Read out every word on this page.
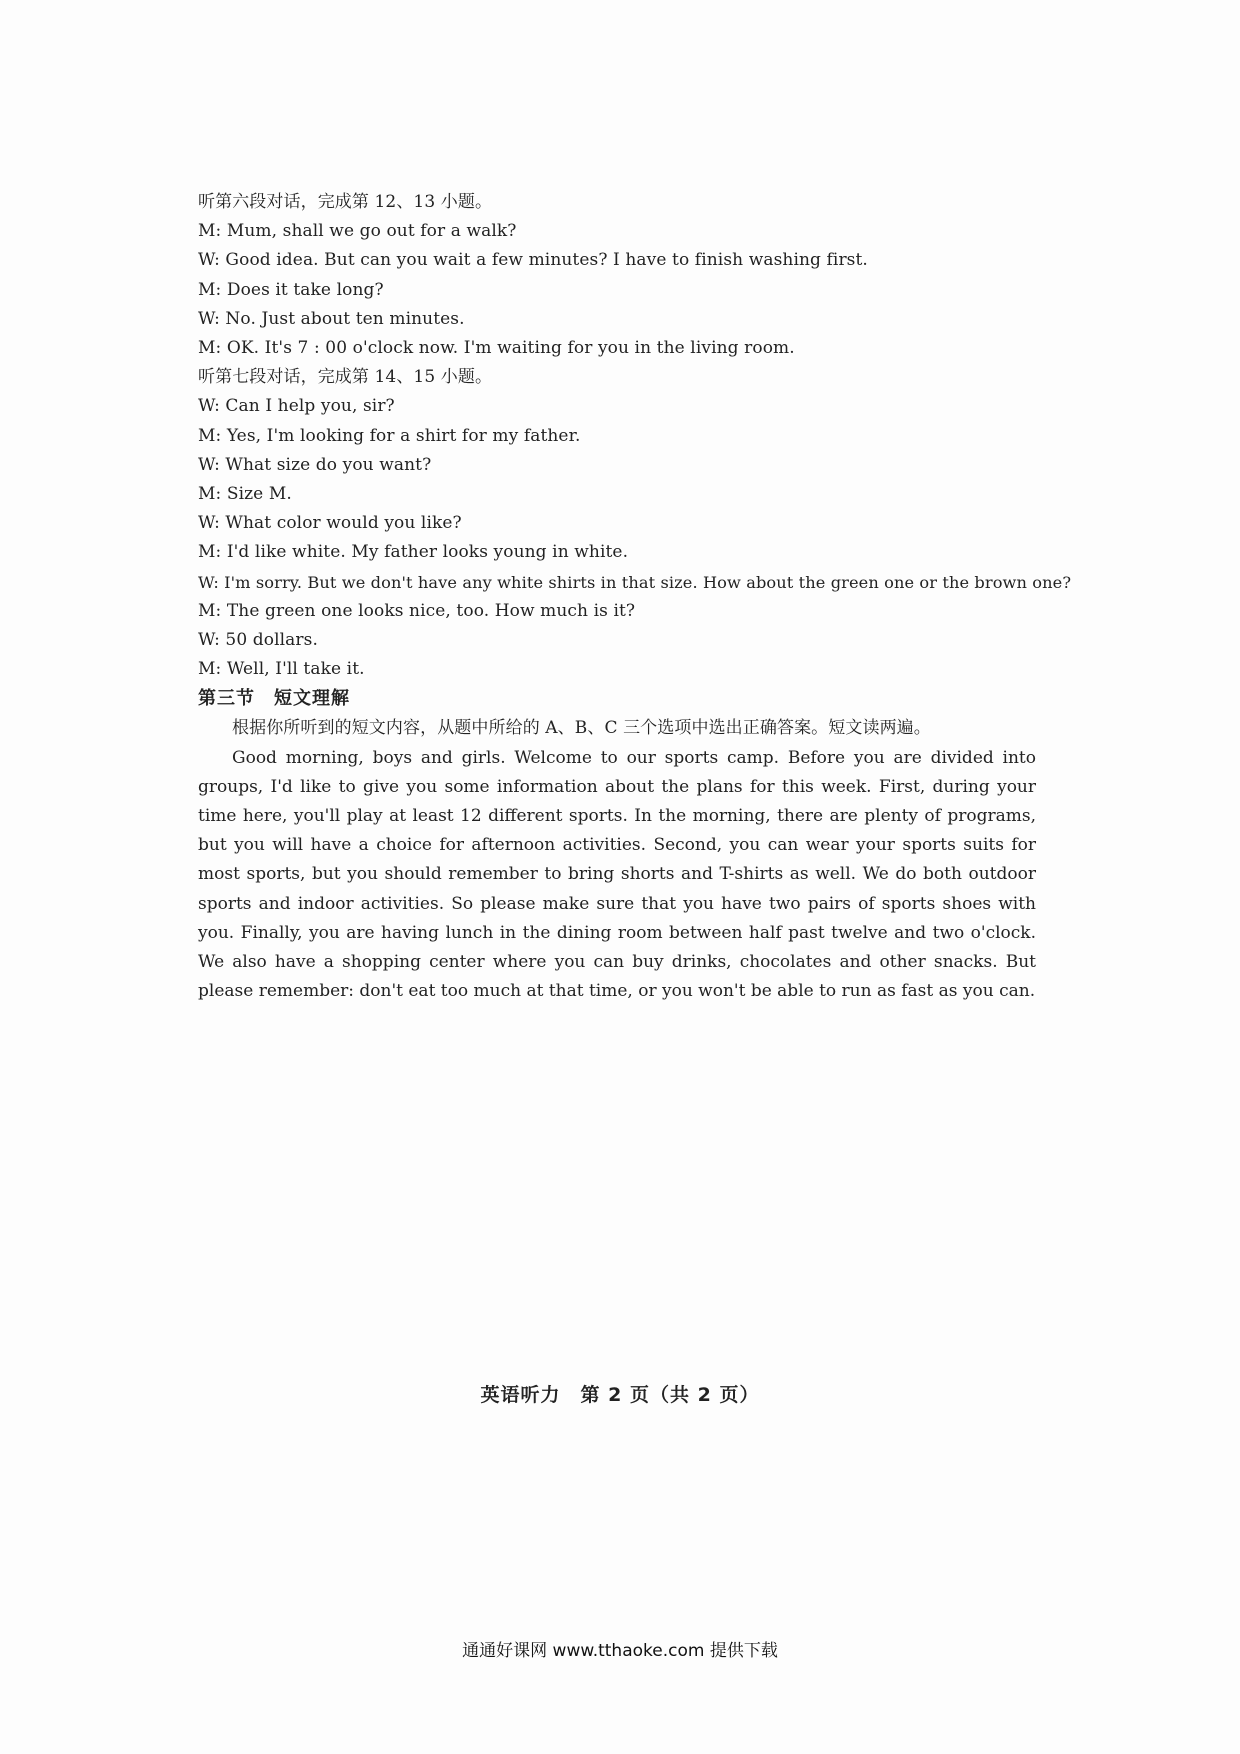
听第六段对话，完成第 12、13 小题。
M: Mum, shall we go out for a walk?
W: Good idea. But can you wait a few minutes? I have to finish washing first.
M: Does it take long?
W: No. Just about ten minutes.
M: OK. It's 7 : 00 o'clock now. I'm waiting for you in the living room.
听第七段对话，完成第 14、15 小题。
W: Can I help you, sir?
M: Yes, I'm looking for a shirt for my father.
W: What size do you want?
M: Size M.
W: What color would you like?
M: I'd like white. My father looks young in white.
W: I'm sorry. But we don't have any white shirts in that size. How about the green one or the brown one?
M: The green one looks nice, too. How much is it?
W: 50 dollars.
M: Well, I'll take it.
第三节　短文理解
根据你所听到的短文内容，从题中所给的 A、B、C 三个选项中选出正确答案。短文读两遍。

Good morning, boys and girls. Welcome to our sports camp. Before you are divided into groups, I'd like to give you some information about the plans for this week. First, during your time here, you'll play at least 12 different sports. In the morning, there are plenty of programs, but you will have a choice for afternoon activities. Second, you can wear your sports suits for most sports, but you should remember to bring shorts and T-shirts as well. We do both outdoor sports and indoor activities. So please make sure that you have two pairs of sports shoes with you. Finally, you are having lunch in the dining room between half past twelve and two o'clock. We also have a shopping center where you can buy drinks, chocolates and other snacks. But please remember: don't eat too much at that time, or you won't be able to run as fast as you can.

英语听力　第 2 页（共 2 页）
通通好课网 www.tthaoke.com 提供下载
